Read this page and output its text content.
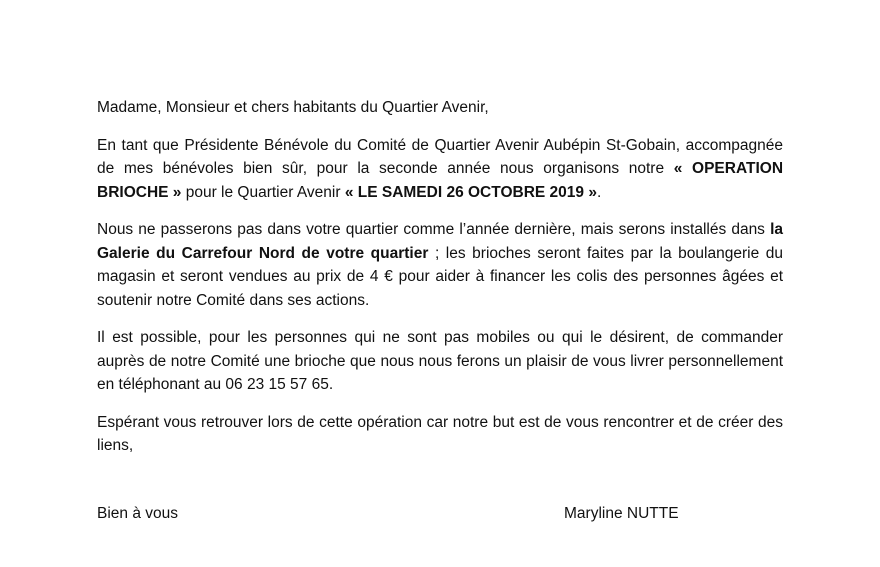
Madame, Monsieur et chers habitants du Quartier Avenir,

En tant que Présidente Bénévole du Comité de Quartier Avenir Aubépin St-Gobain, accompagnée de mes bénévoles bien sûr, pour la seconde année nous organisons notre « OPERATION BRIOCHE » pour le Quartier Avenir « LE SAMEDI 26 OCTOBRE 2019 ».

Nous ne passerons pas dans votre quartier comme l’année dernière, mais serons installés dans la Galerie du Carrefour Nord de votre quartier ; les brioches seront faites par la boulangerie du magasin et seront vendues au prix de 4 € pour aider à financer les colis des personnes âgées et soutenir notre Comité dans ses actions.

Il est possible, pour les personnes qui ne sont pas mobiles ou qui le désirent, de commander auprès de notre Comité une brioche que nous nous ferons un plaisir de vous livrer personnellement en téléphonant au 06 23 15 57 65.

Espérant vous retrouver lors de cette opération car notre but est de vous rencontrer et de créer des liens,

Bien à vous	Maryline NUTTE
